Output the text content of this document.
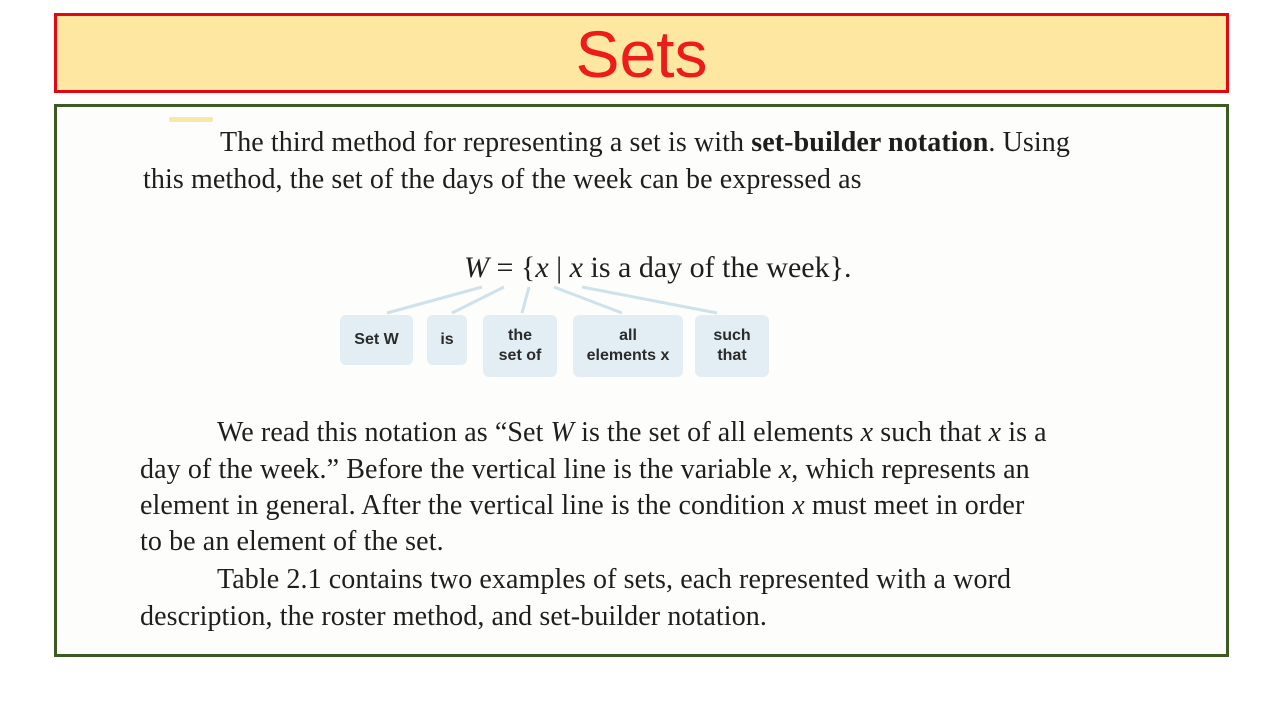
Sets
The third method for representing a set is with set-builder notation. Using
this method, the set of the days of the week can be expressed as
W = {x | x is a day of the week}.
Set W	is	the
set of
all
elements x
such
that
We read this notation as “Set W is the set of all elements x such that x is a
day of the week.” Before the vertical line is the variable x, which represents an
element in general. After the vertical line is the condition x must meet in order
to be an element of the set.
Table 2.1 contains two examples of sets, each represented with a word
description, the roster method, and set-builder notation.
